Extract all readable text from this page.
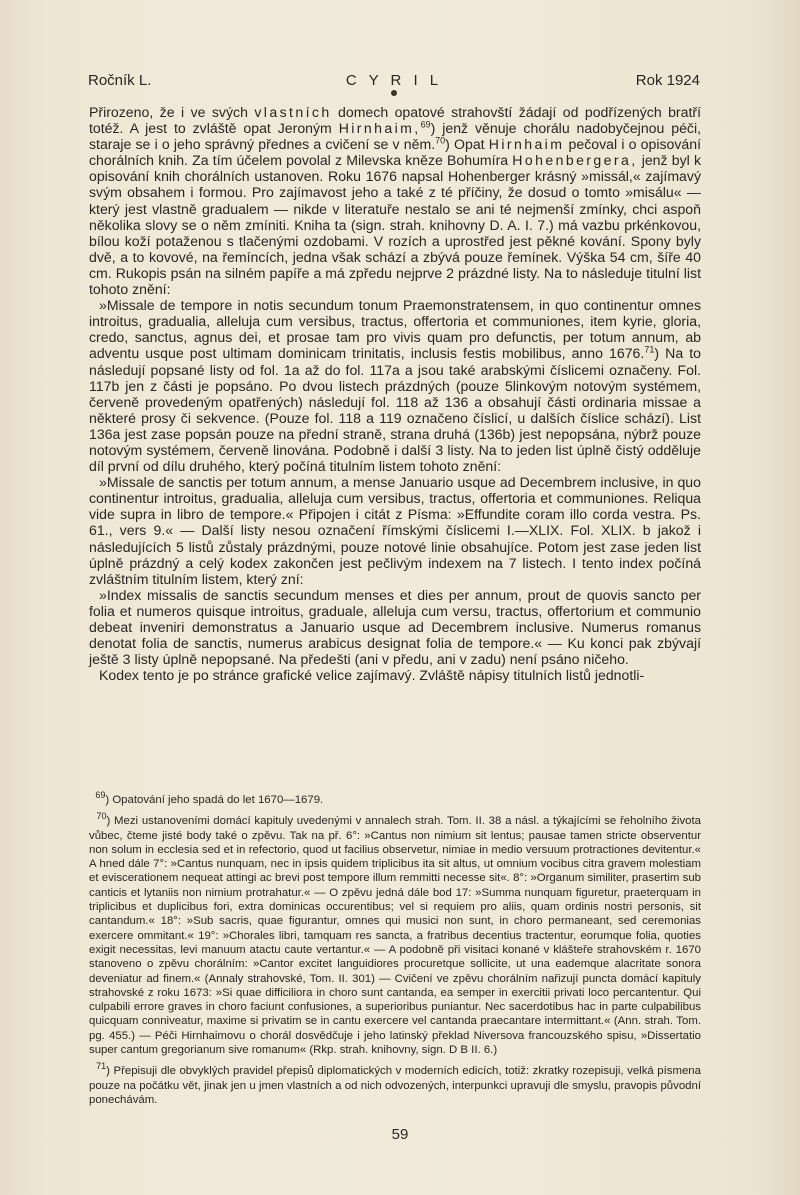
Ročník L.	C Y R I L	Rok 1924

Přirozeno, že i ve svých vlastních domech opatové strahovští žádají od podřízených bratří totéž. A jest to zvláště opat Jeroným Hirnhaim,$^{69}$) jenž věnuje chorálu nadobyčejnou péči, staraje se i o jeho správný přednes a cvičení se v něm.$^{70}$) Opat Hirnhaim pečoval i o opisování chorálních knih. Za tím účelem povolal z Milevska kněze Bohumíra Hohenbergera, jenž byl k opisování knih chorálních ustanoven. Roku 1676 napsal Hohenberger krásný »missál,« zajímavý svým obsahem i formou. Pro zajímavost jeho a také z té příčiny, že dosud o tomto »misálu« — který jest vlastně gradualem — nikde v literatuře nestalo se ani té nejmenší zmínky, chci aspoň několika slovy se o něm zmíniti. Kniha ta (sign. strah. knihovny D. A. I. 7.) má vazbu prkénkovou, bílou koží potaženou s tlačenými ozdobami. V rozích a uprostřed jest pěkné kování. Spony byly dvě, a to kovové, na řemíncích, jedna však schází a zbývá pouze řemínek. Výška 54 cm, šíře 40 cm. Rukopis psán na silném papíře a má zpředu nejprve 2 prázdné listy. Na to následuje titulní list tohoto znění:

»Missale de tempore in notis secundum tonum Praemonstratensem, in quo continentur omnes introitus, gradualia, alleluja cum versibus, tractus, offertoria et communiones, item kyrie, gloria, credo, sanctus, agnus dei, et prosae tam pro vivis quam pro defunctis, per totum annum, ab adventu usque post ultimam dominicam trinitatis, inclusis festis mobilibus, anno 1676.71) Na to následují popsané listy od fol. 1a až do fol. 117a a jsou také arabskými číslicemi označeny. Fol. 117b jen z části je popsáno. Po dvou listech prázdných (pouze 5linkovým notovým systémem, červeně provedeným opatřených) následují fol. 118 až 136 a obsahují části ordinaria missae a některé prosy či sekvence. (Pouze fol. 118 a 119 označeno číslicí, u dalších číslice schází). List 136a jest zase popsán pouze na přední straně, strana druhá (136b) jest nepopsána, nýbrž pouze notovým systémem, červeně linována. Podobně i další 3 listy. Na to jeden list úplně čistý odděluje díl první od dílu druhého, který počíná titulním listem tohoto znění:

»Missale de sanctis per totum annum, a mense Januario usque ad Decembrem inclusive, in quo continentur introitus, gradualia, alleluja cum versibus, tractus, offertoria et communiones. Reliqua vide supra in libro de tempore.« Připojen i citát z Písma: »Effundite coram illo corda vestra. Ps. 61., vers 9.« — Další listy nesou označení římskými číslicemi I.—XLIX. Fol. XLIX. b jakož i následujících 5 listů zůstaly prázdnými, pouze notové linie obsahujíce. Potom jest zase jeden list úplně prázdný a celý kodex zakončen jest pečlivým indexem na 7 listech. I tento index počíná zvláštním titulním listem, který zní:

»Index missalis de sanctis secundum menses et dies per annum, prout de quovis sancto per folia et numeros quisque introitus, graduale, alleluja cum versu, tractus, offertorium et communio debeat inveniri demonstratus a Januario usque ad Decembrem inclusive. Numerus romanus denotat folia de sanctis, numerus arabicus designat folia de tempore.« — Ku konci pak zbývají ještě 3 listy úplně nepopsané. Na předešti (ani v předu, ani v zadu) není psáno ničeho.

Kodex tento je po stránce grafické velice zajímavý. Zvláště nápisy titulních listů jednotli-

$^{69}$) Opatování jeho spadá do let 1670—1679.

$^{70}$) Mezi ustanoveními domácí kapituly uvedenými v annalech strah. Tom. II. 38 a násl. a týkajícími se řeholního života vůbec, čteme jisté body také o zpěvu. Tak na př. 6°: »Cantus non nimium sit lentus; pausae tamen stricte observentur non solum in ecclesia sed et in refectorio, quod ut facilius observetur, nimiae in medio versuum protractiones devitentur.« A hned dále 7°: »Cantus nunquam, nec in ipsis quidem triplicibus ita sit altus, ut omnium vocibus citra gravem molestiam et eviscerationem nequeat attingi ac brevi post tempore illum remmitti necesse sit«. 8°: »Organum similiter, prasertim sub canticis et lytaniis non nimium protrahatur.« — O zpěvu jedná dále bod 17: »Summa nunquam figuretur, praeterquam in triplicibus et duplicibus fori, extra dominicas occurentibus; vel si requiem pro aliis, quam ordinis nostri personis, sit cantandum.« 18°: »Sub sacris, quae figurantur, omnes qui musici non sunt, in choro permaneant, sed ceremonias exercere ommitant.« 19°: »Chorales libri, tamquam res sancta, a fratribus decentius tractentur, eorumque folia, quoties exigit necessitas, levi manuum atactu caute vertantur.« — A podobně při visitaci konané v klášteře strahovském r. 1670 stanoveno o zpěvu chorálním: »Cantor excitet languidiores procuretque sollicite, ut una eademque alacritate sonora deveniatur ad finem.« (Annaly strahovské, Tom. II. 301) — Cvičení ve zpěvu chorálním nařizují puncta domácí kapituly strahovské z roku 1673: »Si quae difficiliora in choro sunt cantanda, ea semper in exercitii privati loco percantentur. Qui culpabili errore graves in choro faciunt confusiones, a superioribus puniantur. Nec sacerdotibus hac in parte culpabilibus quicquam conniveatur, maxime si privatim se in cantu exercere vel cantanda praecantare intermittant.« (Ann. strah. Tom. pg. 455.) — Péči Hirnhaimovu o chorál dosvědčuje i jeho latinský překlad Niversova francouzského spisu, »Dissertatio super cantum gregorianum sive romanum« (Rkp. strah. knihovny, sign. D B II. 6.)

$^{71}$) Přepisuji dle obvyklých pravidel přepisů diplomatických v moderních edicích, totiž: zkratky rozepisuji, velká písmena pouze na počátku vět, jinak jen u jmen vlastních a od nich odvozených, interpunkci upravuji dle smyslu, pravopis původní ponechávám.

59
